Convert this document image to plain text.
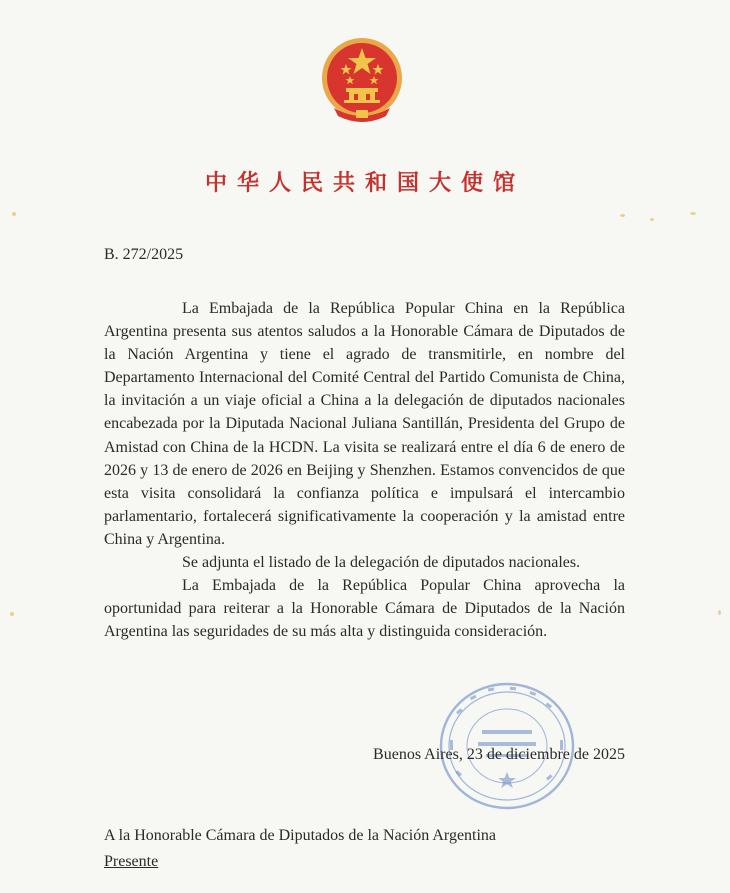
中华人民共和国大使馆
B. 272/2025

La Embajada de la República Popular China en la República Argentina presenta sus atentos saludos a la Honorable Cámara de Diputados de la Nación Argentina y tiene el agrado de transmitirle, en nombre del Departamento Internacional del Comité Central del Partido Comunista de China, la invitación a un viaje oficial a China a la delegación de diputados nacionales encabezada por la Diputada Nacional Juliana Santillán, Presidenta del Grupo de Amistad con China de la HCDN. La visita se realizará entre el día 6 de enero de 2026 y 13 de enero de 2026 en Beijing y Shenzhen. Estamos convencidos de que esta visita consolidará la confianza política e impulsará el intercambio parlamentario, fortalecerá significativamente la cooperación y la amistad entre China y Argentina.

Se adjunta el listado de la delegación de diputados nacionales.

La Embajada de la República Popular China aprovecha la oportunidad para reiterar a la Honorable Cámara de Diputados de la Nación Argentina las seguridades de su más alta y distinguida consideración.

Buenos Aires, 23 de diciembre de 2025
A la Honorable Cámara de Diputados de la Nación Argentina
Presente
